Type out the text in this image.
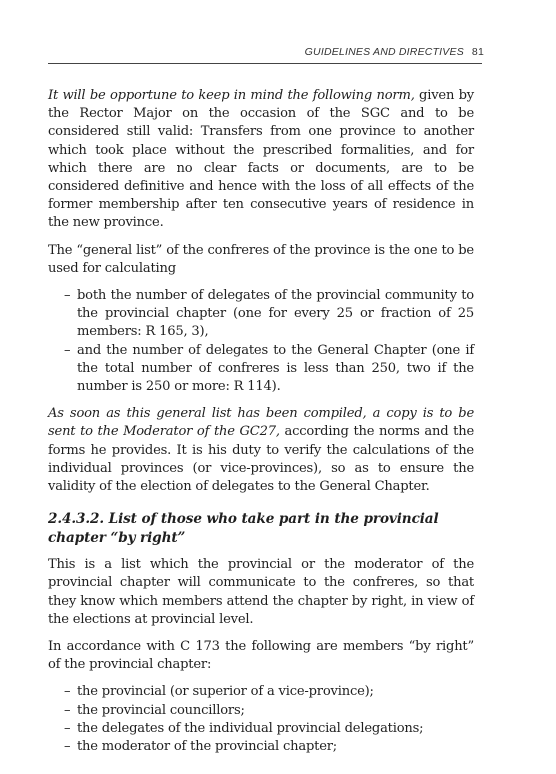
GUIDELINES AND DIRECTIVES 81

It will be opportune to keep in mind the following norm, given by the Rector Major on the occasion of the SGC and to be considered still valid: Transfers from one province to another which took place without the prescribed formalities, and for which there are no clear facts or documents, are to be considered definitive and hence with the loss of all effects of the former membership after ten consecutive years of residence in the new province.

The “general list” of the confreres of the province is the one to be used for calculating

– both the number of delegates of the provincial community to the provincial chapter (one for every 25 or fraction of 25 members: R 165, 3),
– and the number of delegates to the General Chapter (one if the total number of confreres is less than 250, two if the number is 250 or more: R 114).

As soon as this general list has been compiled, a copy is to be sent to the Moderator of the GC27, according the norms and the forms he provides. It is his duty to verify the calculations of the individual provinces (or vice-provinces), so as to ensure the validity of the election of delegates to the General Chapter.

2.4.3.2. List of those who take part in the provincial chapter “by right”

This is a list which the provincial or the moderator of the provincial chapter will communicate to the confreres, so that they know which members attend the chapter by right, in view of the elections at provincial level.

In accordance with C 173 the following are members “by right” of the provincial chapter:

– the provincial (or superior of a vice-province);
– the provincial councillors;
– the delegates of the individual provincial delegations;
– the moderator of the provincial chapter;
